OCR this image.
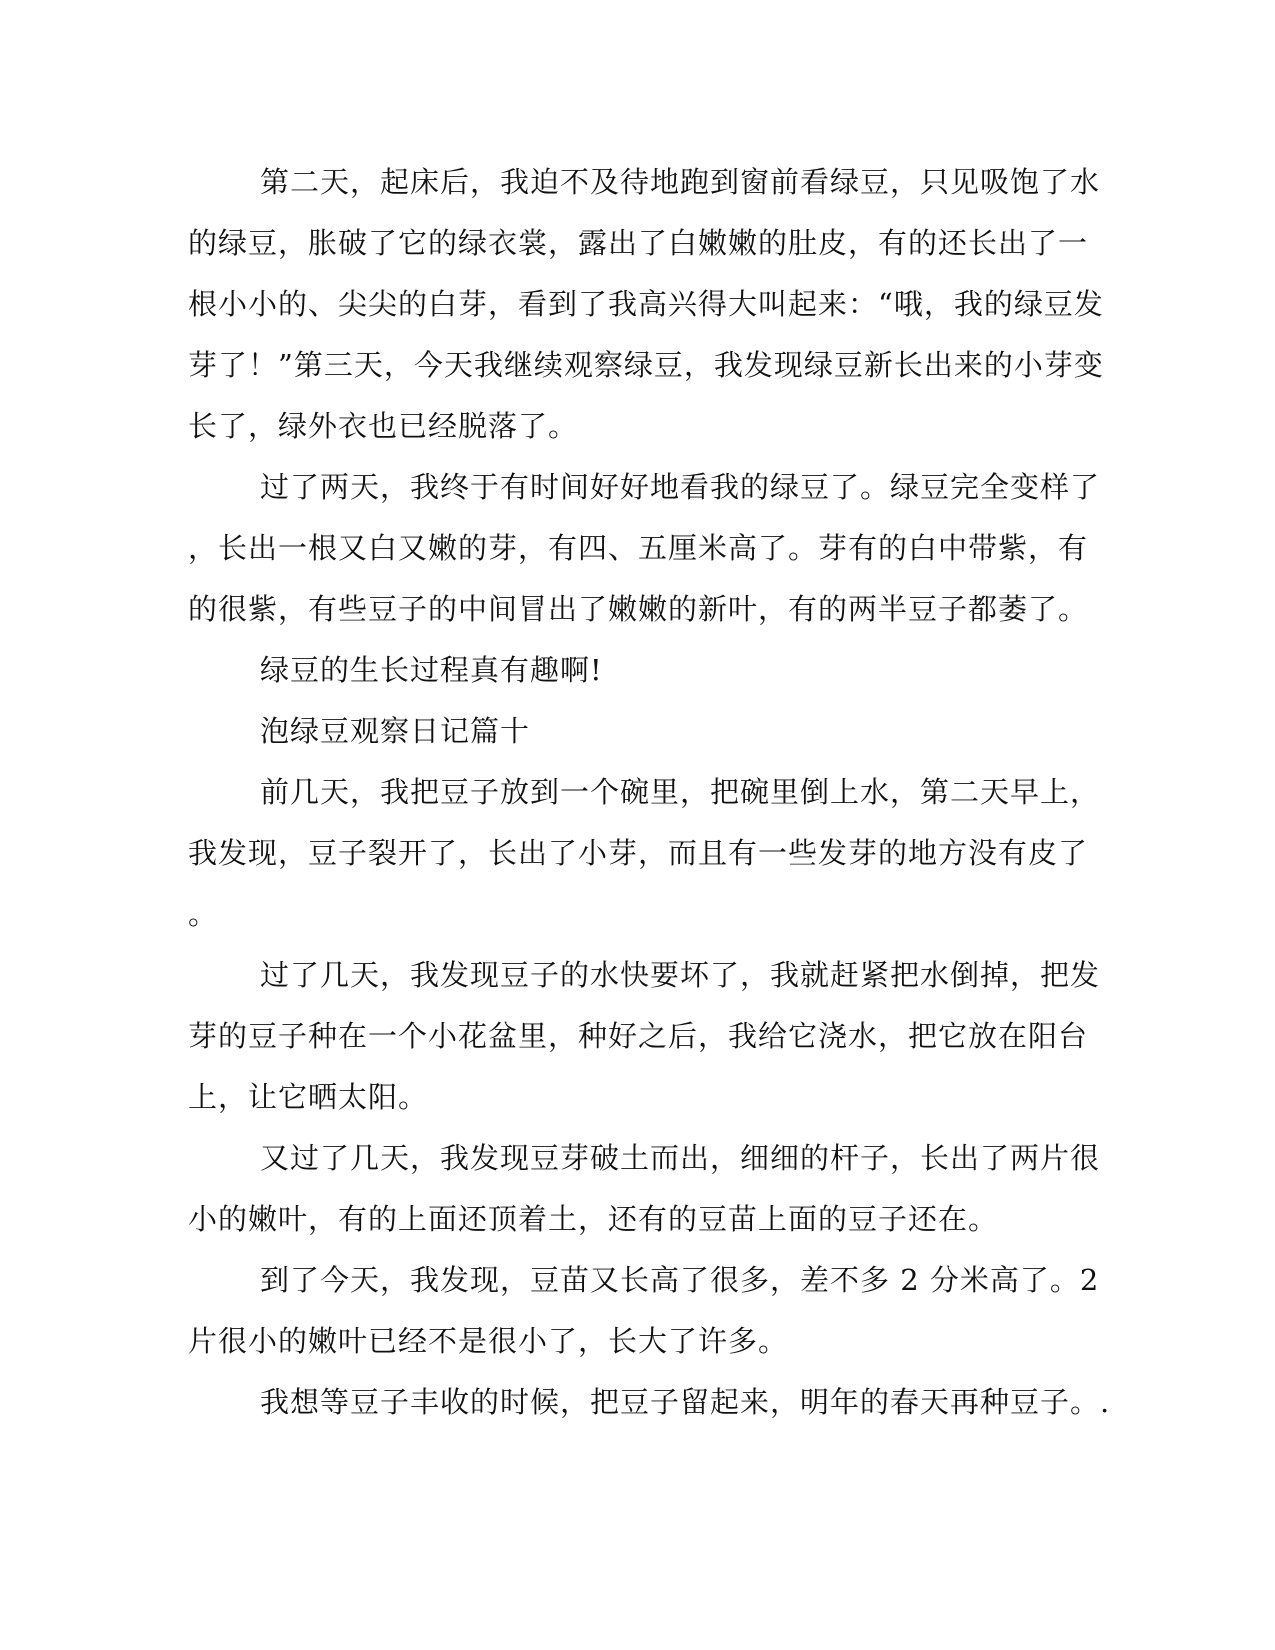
第二天，起床后，我迫不及待地跑到窗前看绿豆，只见吸饱了水
的绿豆，胀破了它的绿衣裳，露出了白嫩嫩的肚皮，有的还长出了一
根小小的、尖尖的白芽，看到了我高兴得大叫起来：“哦，我的绿豆发
芽了！”第三天，今天我继续观察绿豆，我发现绿豆新长出来的小芽变
长了，绿外衣也已经脱落了。
过了两天，我终于有时间好好地看我的绿豆了。绿豆完全变样了
，长出一根又白又嫩的芽，有四、五厘米高了。芽有的白中带紫，有
的很紫，有些豆子的中间冒出了嫩嫩的新叶，有的两半豆子都萎了。
绿豆的生长过程真有趣啊!
泡绿豆观察日记篇十
前几天，我把豆子放到一个碗里，把碗里倒上水，第二天早上，
我发现，豆子裂开了，长出了小芽，而且有一些发芽的地方没有皮了
。
过了几天，我发现豆子的水快要坏了，我就赶紧把水倒掉，把发
芽的豆子种在一个小花盆里，种好之后，我给它浇水，把它放在阳台
上，让它晒太阳。
又过了几天，我发现豆芽破土而出，细细的杆子，长出了两片很
小的嫩叶，有的上面还顶着土，还有的豆苗上面的豆子还在。
到了今天，我发现，豆苗又长高了很多，差不多 2 分米高了。2
片很小的嫩叶已经不是很小了，长大了许多。
我想等豆子丰收的时候，把豆子留起来，明年的春天再种豆子。.
